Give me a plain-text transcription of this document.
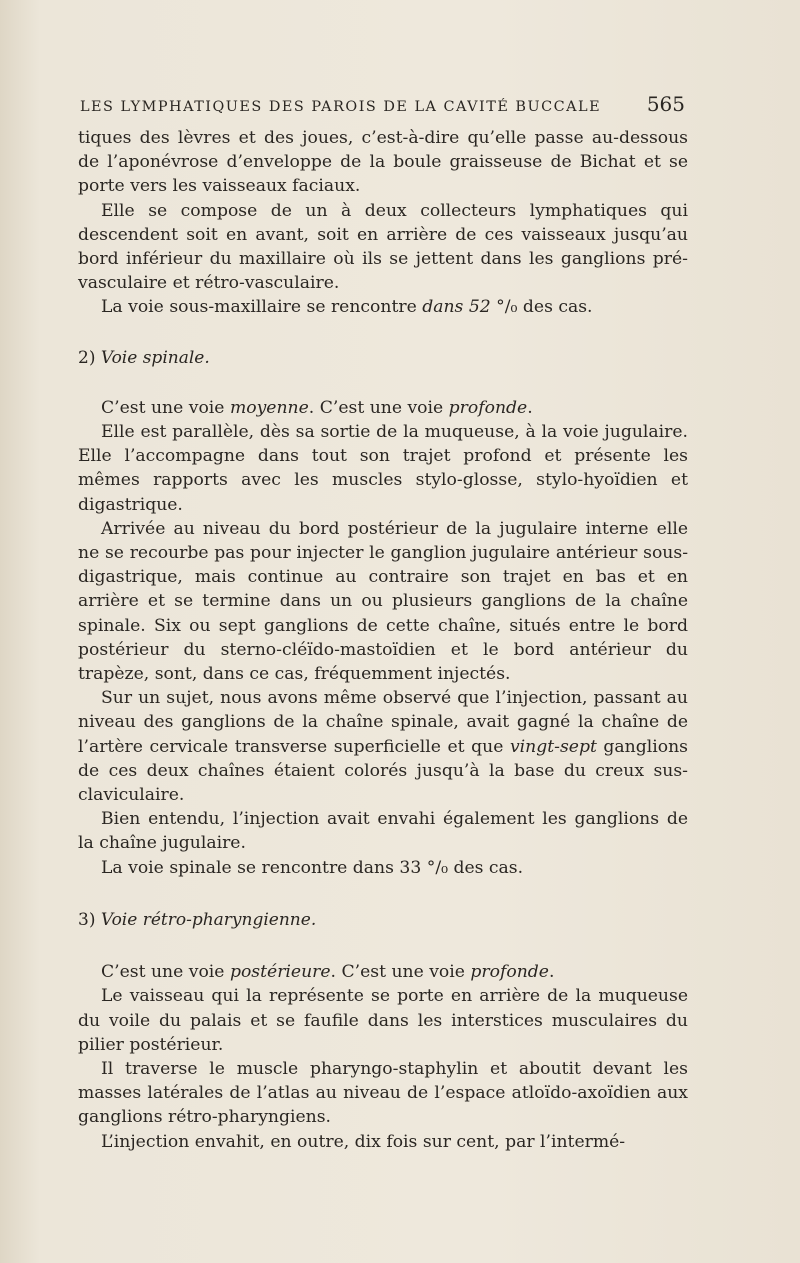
LES LYMPHATIQUES DES PAROIS DE LA CAVITÉ BUCCALE 565

tiques des lèvres et des joues, c’est-à-dire qu’elle passe au-dessous de l’aponévrose d’enveloppe de la boule graisseuse de Bichat et se porte vers les vaisseaux faciaux.

Elle se compose de un à deux collecteurs lymphatiques qui descendent soit en avant, soit en arrière de ces vaisseaux jusqu’au bord inférieur du maxillaire où ils se jettent dans les ganglions pré-vasculaire et rétro-vasculaire.

La voie sous-maxillaire se rencontre dans 52 °/₀ des cas.

2) Voie spinale.

C’est une voie moyenne. C’est une voie profonde.

Elle est parallèle, dès sa sortie de la muqueuse, à la voie jugulaire. Elle l’accompagne dans tout son trajet profond et présente les mêmes rapports avec les muscles stylo-glosse, stylo-hyoïdien et digastrique.

Arrivée au niveau du bord postérieur de la jugulaire interne elle ne se recourbe pas pour injecter le ganglion jugulaire antérieur sous-digastrique, mais continue au contraire son trajet en bas et en arrière et se termine dans un ou plusieurs ganglions de la chaîne spinale. Six ou sept ganglions de cette chaîne, situés entre le bord postérieur du sterno-cléïdo-mastoïdien et le bord antérieur du trapèze, sont, dans ce cas, fréquemment injectés.

Sur un sujet, nous avons même observé que l’injection, passant au niveau des ganglions de la chaîne spinale, avait gagné la chaîne de l’artère cervicale transverse superficielle et que vingt-sept ganglions de ces deux chaînes étaient colorés jusqu’à la base du creux sus-claviculaire.

Bien entendu, l’injection avait envahi également les ganglions de la chaîne jugulaire.

La voie spinale se rencontre dans 33 °/₀ des cas.

3) Voie rétro-pharyngienne.

C’est une voie postérieure. C’est une voie profonde.

Le vaisseau qui la représente se porte en arrière de la muqueuse du voile du palais et se faufile dans les interstices musculaires du pilier postérieur.

Il traverse le muscle pharyngo-staphylin et aboutit devant les masses latérales de l’atlas au niveau de l’espace atloïdo-axoïdien aux ganglions rétro-pharyngiens.

L’injection envahit, en outre, dix fois sur cent, par l’intermé-
